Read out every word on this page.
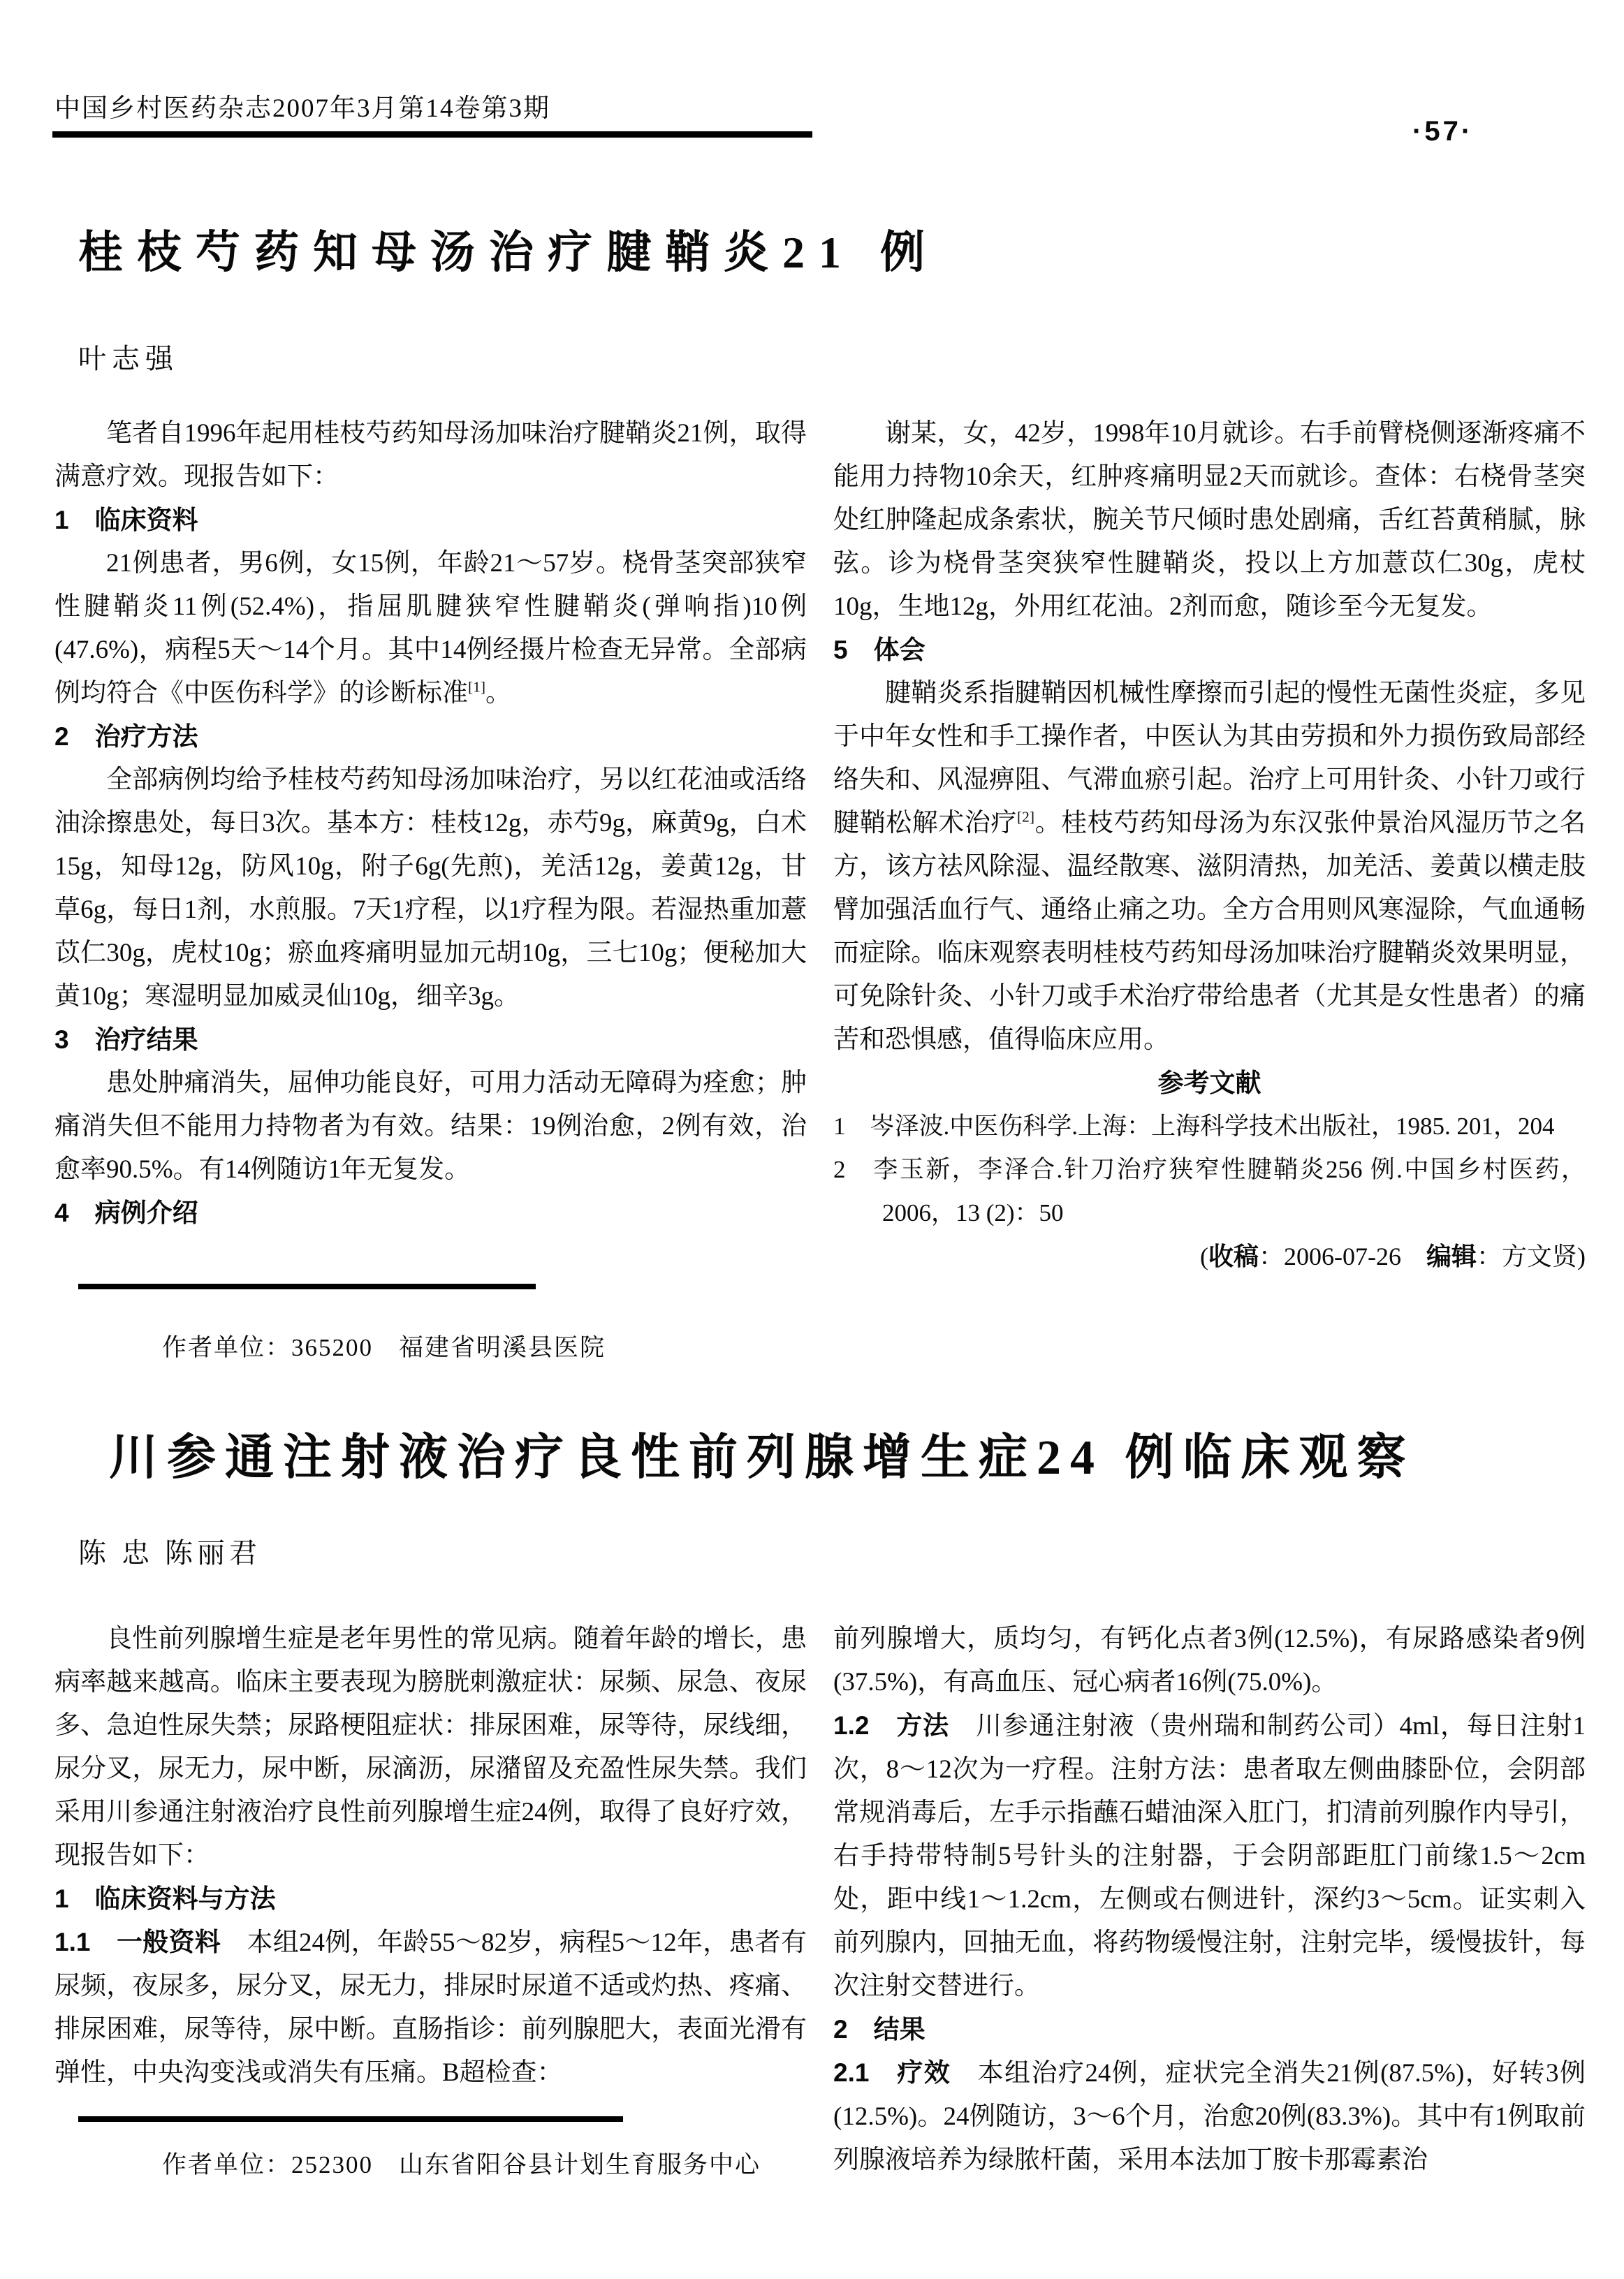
中国乡村医药杂志2007年3月第14卷第3期
·57·
桂枝芍药知母汤治疗腱鞘炎21 例
叶志强

笔者自1996年起用桂枝芍药知母汤加味治疗腱鞘炎21例，取得满意疗效。现报告如下：

1　临床资料

21例患者，男6例，女15例，年龄21～57岁。桡骨茎突部狭窄性腱鞘炎11例(52.4%)，指屈肌腱狭窄性腱鞘炎(弹响指)10例(47.6%)，病程5天～14个月。其中14例经摄片检查无异常。全部病例均符合《中医伤科学》的诊断标准[1]。

2　治疗方法

全部病例均给予桂枝芍药知母汤加味治疗，另以红花油或活络油涂擦患处，每日3次。基本方：桂枝12g，赤芍9g，麻黄9g，白术15g，知母12g，防风10g，附子6g(先煎)，羌活12g，姜黄12g，甘草6g，每日1剂，水煎服。7天1疗程，以1疗程为限。若湿热重加薏苡仁30g，虎杖10g；瘀血疼痛明显加元胡10g，三七10g；便秘加大黄10g；寒湿明显加威灵仙10g，细辛3g。

3　治疗结果

患处肿痛消失，屈伸功能良好，可用力活动无障碍为痊愈；肿痛消失但不能用力持物者为有效。结果：19例治愈，2例有效，治愈率90.5%。有14例随访1年无复发。

4　病例介绍

谢某，女，42岁，1998年10月就诊。右手前臂桡侧逐渐疼痛不能用力持物10余天，红肿疼痛明显2天而就诊。查体：右桡骨茎突处红肿隆起成条索状，腕关节尺倾时患处剧痛，舌红苔黄稍腻，脉弦。诊为桡骨茎突狭窄性腱鞘炎，投以上方加薏苡仁30g，虎杖10g，生地12g，外用红花油。2剂而愈，随诊至今无复发。

5　体会

腱鞘炎系指腱鞘因机械性摩擦而引起的慢性无菌性炎症，多见于中年女性和手工操作者，中医认为其由劳损和外力损伤致局部经络失和、风湿痹阻、气滞血瘀引起。治疗上可用针灸、小针刀或行腱鞘松解术治疗[2]。桂枝芍药知母汤为东汉张仲景治风湿历节之名方，该方祛风除湿、温经散寒、滋阴清热，加羌活、姜黄以横走肢臂加强活血行气、通络止痛之功。全方合用则风寒湿除，气血通畅而症除。临床观察表明桂枝芍药知母汤加味治疗腱鞘炎效果明显，可免除针灸、小针刀或手术治疗带给患者（尤其是女性患者）的痛苦和恐惧感，值得临床应用。

参考文献

1　岑泽波.中医伤科学.上海：上海科学技术出版社，1985. 201，204

2　李玉新，李泽合.针刀治疗狭窄性腱鞘炎256 例.中国乡村医药，2006，13 (2)：50

(收稿：2006-07-26　编辑：方文贤)

作者单位：365200　福建省明溪县医院
川参通注射液治疗良性前列腺增生症24 例临床观察
陈 忠 陈丽君

良性前列腺增生症是老年男性的常见病。随着年龄的增长，患病率越来越高。临床主要表现为膀胱刺激症状：尿频、尿急、夜尿多、急迫性尿失禁；尿路梗阻症状：排尿困难，尿等待，尿线细，尿分叉，尿无力，尿中断，尿滴沥，尿潴留及充盈性尿失禁。我们采用川参通注射液治疗良性前列腺增生症24例，取得了良好疗效，现报告如下：

1　临床资料与方法

1.1　一般资料　本组24例，年龄55～82岁，病程5～12年，患者有尿频，夜尿多，尿分叉，尿无力，排尿时尿道不适或灼热、疼痛、排尿困难，尿等待，尿中断。直肠指诊：前列腺肥大，表面光滑有弹性，中央沟变浅或消失有压痛。B超检查：

前列腺增大，质均匀，有钙化点者3例(12.5%)，有尿路感染者9例(37.5%)，有高血压、冠心病者16例(75.0%)。

1.2　方法　川参通注射液（贵州瑞和制药公司）4ml，每日注射1次，8～12次为一疗程。注射方法：患者取左侧曲膝卧位，会阴部常规消毒后，左手示指蘸石蜡油深入肛门，扪清前列腺作内导引，右手持带特制5号针头的注射器，于会阴部距肛门前缘1.5～2cm处，距中线1～1.2cm，左侧或右侧进针，深约3～5cm。证实刺入前列腺内，回抽无血，将药物缓慢注射，注射完毕，缓慢拔针，每次注射交替进行。

2　结果

2.1　疗效　本组治疗24例，症状完全消失21例(87.5%)，好转3例(12.5%)。24例随访，3～6个月，治愈20例(83.3%)。其中有1例取前列腺液培养为绿脓杆菌，采用本法加丁胺卡那霉素治

作者单位：252300　山东省阳谷县计划生育服务中心
